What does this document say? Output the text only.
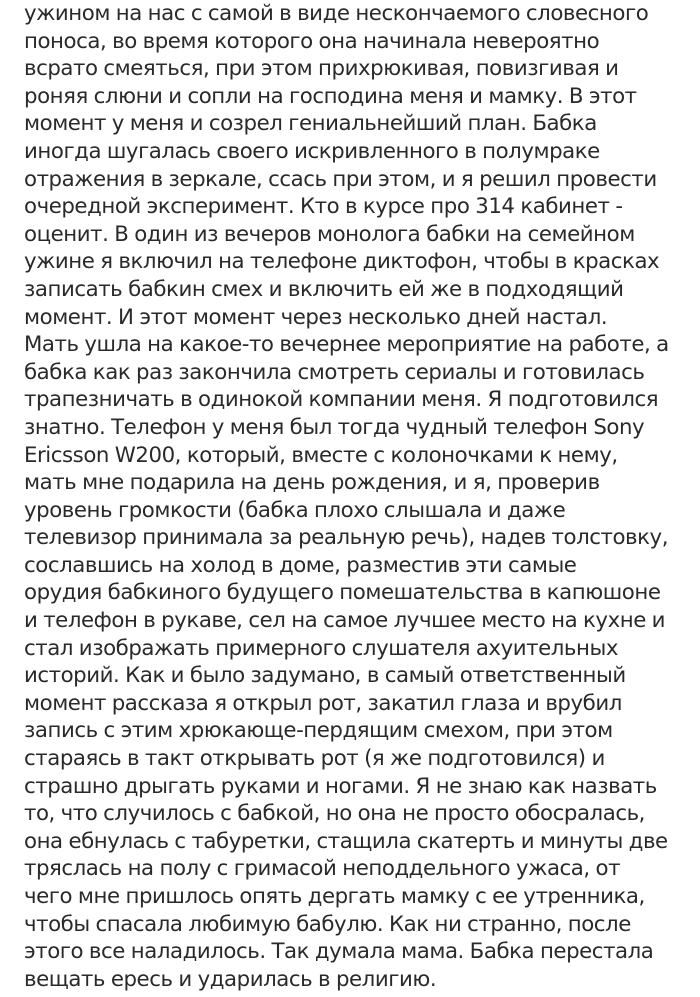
ужином на нас с самой в виде нескончаемого словесного
поноса, во время которого она начинала невероятно
всрато смеяться, при этом прихрюкивая, повизгивая и
роняя слюни и сопли на господина меня и мамку. В этот
момент у меня и созрел гениальнейший план. Бабка
иногда шугалась своего искривленного в полумраке
отражения в зеркале, ссась при этом, и я решил провести
очередной эксперимент. Кто в курсе про 314 кабинет -
оценит. В один из вечеров монолога бабки на семейном
ужине я включил на телефоне диктофон, чтобы в красках
записать бабкин смех и включить ей же в подходящий
момент. И этот момент через несколько дней настал.
Мать ушла на какое-то вечернее мероприятие на работе, а
бабка как раз закончила смотреть сериалы и готовилась
трапезничать в одинокой компании меня. Я подготовился
знатно. Телефон у меня был тогда чудный телефон Sony
Ericsson W200, который, вместе с колоночками к нему,
мать мне подарила на день рождения, и я, проверив
уровень громкости (бабка плохо слышала и даже
телевизор принимала за реальную речь), надев толстовку,
сославшись на холод в доме, разместив эти самые
орудия бабкиного будущего помешательства в капюшоне
и телефон в рукаве, сел на самое лучшее место на кухне и
стал изображать примерного слушателя ахуительных
историй. Как и было задумано, в самый ответственный
момент рассказа я открыл рот, закатил глаза и врубил
запись с этим хрюкающе-пердящим смехом, при этом
стараясь в такт открывать рот (я же подготовился) и
страшно дрыгать руками и ногами. Я не знаю как назвать
то, что случилось с бабкой, но она не просто обосралась,
она ебнулась с табуретки, стащила скатерть и минуты две
тряслась на полу с гримасой неподдельного ужаса, от
чего мне пришлось опять дергать мамку с ее утренника,
чтобы спасала любимую бабулю. Как ни странно, после
этого все наладилось. Так думала мама. Бабка перестала
вещать ересь и ударилась в религию.
